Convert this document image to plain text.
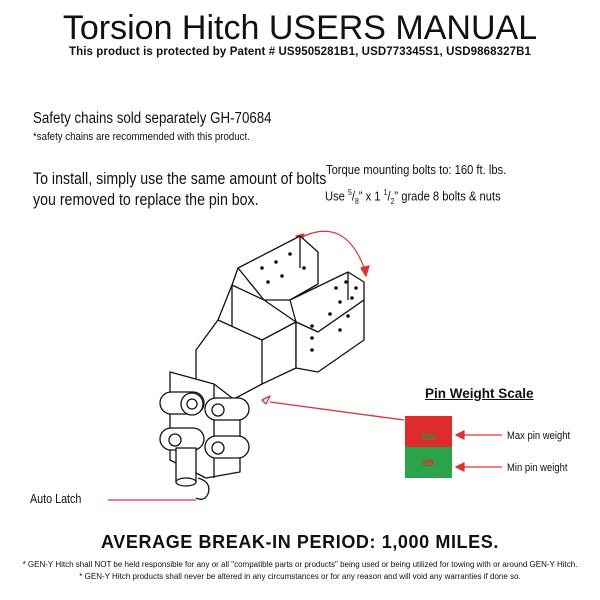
Torsion Hitch USERS MANUAL
This product is protected by Patent # US9505281B1, USD773345S1, USD9868327B1
Safety chains sold separately GH-70684
*safety chains are recommended with this product.
To install, simply use the same amount of bolts
you removed to replace the pin box.
Torque mounting bolts to: 160 ft. lbs.
Use $^5/_8$” x 1 $^1/_2$” grade 8 bolts & nuts
Pin Weight Scale
MAX
MIN
Max pin weight
Min pin weight
Auto Latch
AVERAGE BREAK-IN PERIOD: 1,000 MILES.
* GEN-Y Hitch shall NOT be held responsible for any or all "compatible parts or products" being used or being utilized for towing with or around GEN-Y Hitch.
* GEN-Y Hitch products shall never be altered in any circumstances or for any reason and will void any warranties if done so.
